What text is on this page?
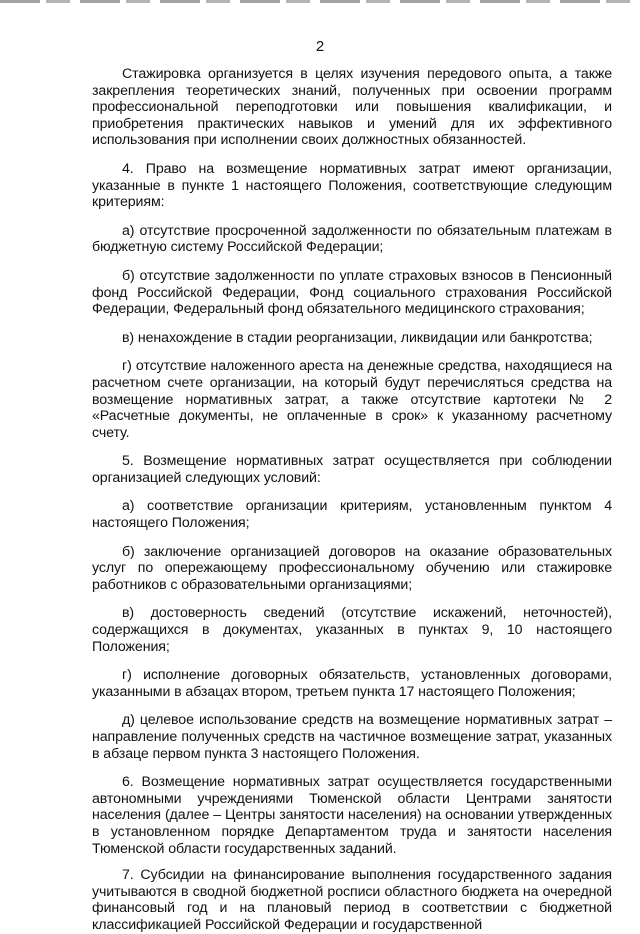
2

Стажировка организуется в целях изучения передового опыта, а также закрепления теоретических знаний, полученных при освоении программ профессиональной переподготовки или повышения квалификации, и приобретения практических навыков и умений для их эффективного использования при исполнении своих должностных обязанностей.

4. Право на возмещение нормативных затрат имеют организации, указанные в пункте 1 настоящего Положения, соответствующие следующим критериям:

а) отсутствие просроченной задолженности по обязательным платежам в бюджетную систему Российской Федерации;

б) отсутствие задолженности по уплате страховых взносов в Пенсионный фонд Российской Федерации, Фонд социального страхования Российской Федерации, Федеральный фонд обязательного медицинского страхования;

в) ненахождение в стадии реорганизации, ликвидации или банкротства;

г) отсутствие наложенного ареста на денежные средства, находящиеся на расчетном счете организации, на который будут перечисляться средства на возмещение нормативных затрат, а также отсутствие картотеки № 2 «Расчетные документы, не оплаченные в срок» к указанному расчетному счету.

5. Возмещение нормативных затрат осуществляется при соблюдении организацией следующих условий:

а) соответствие организации критериям, установленным пунктом 4 настоящего Положения;

б) заключение организацией договоров на оказание образовательных услуг по опережающему профессиональному обучению или стажировке работников с образовательными организациями;

в) достоверность сведений (отсутствие искажений, неточностей), содержащихся в документах, указанных в пунктах 9, 10 настоящего Положения;

г) исполнение договорных обязательств, установленных договорами, указанными в абзацах втором, третьем пункта 17 настоящего Положения;

д) целевое использование средств на возмещение нормативных затрат – направление полученных средств на частичное возмещение затрат, указанных в абзаце первом пункта 3 настоящего Положения.

6. Возмещение нормативных затрат осуществляется государственными автономными учреждениями Тюменской области Центрами занятости населения (далее – Центры занятости населения) на основании утвержденных в установленном порядке Департаментом труда и занятости населения Тюменской области государственных заданий.

7. Субсидии на финансирование выполнения государственного задания учитываются в сводной бюджетной росписи областного бюджета на очередной финансовый год и на плановый период в соответствии с бюджетной классификацией Российской Федерации и государственной
